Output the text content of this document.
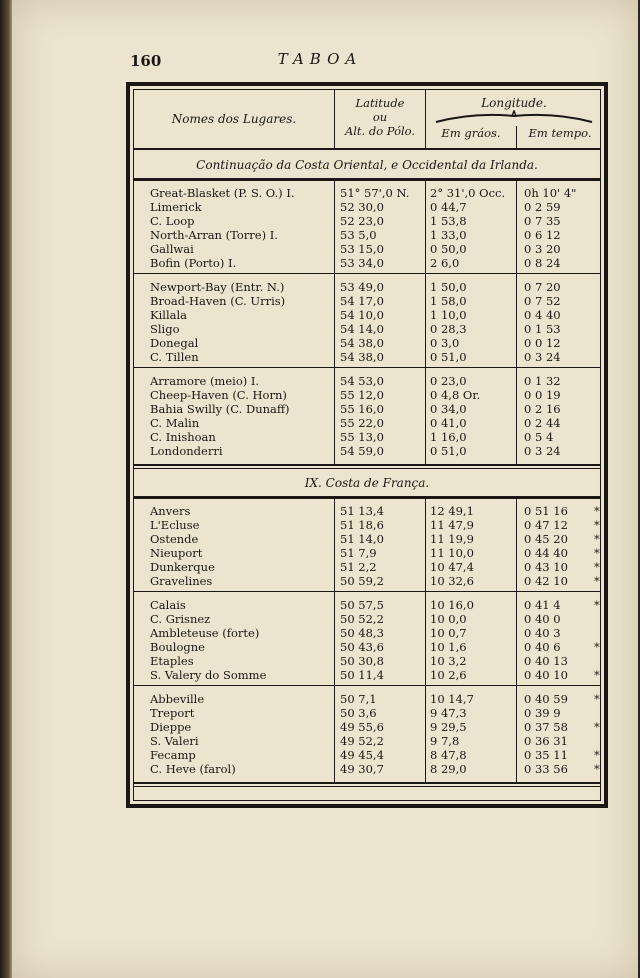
160	TABOA
Nomes dos Lugares.
Latitude
ou
Alt. do Pólo.
Longitude.
Em gráos.	Em tempo.
Continuação da Costa Oriental, e Occidental da Irlanda.
Great-Blasket (P. S. O.) I.	51° 57',0 N.	2° 31',0 Occ.	0h 10' 4"
Limerick	52 30,0	0 44,7	0 2 59
C. Loop	52 23,0	1 53,8	0 7 35
North-Arran (Torre) I.	53 5,0	1 33,0	0 6 12
Gallwai	53 15,0	0 50,0	0 3 20
Bofin (Porto) I.	53 34,0	2 6,0	0 8 24
Newport-Bay (Entr. N.)	53 49,0	1 50,0	0 7 20
Broad-Haven (C. Urris)	54 17,0	1 58,0	0 7 52
Killala	54 10,0	1 10,0	0 4 40
Sligo	54 14,0	0 28,3	0 1 53
Donegal	54 38,0	0 3,0	0 0 12
C. Tillen	54 38,0	0 51,0	0 3 24
Arramore (meio) I.	54 53,0	0 23,0	0 1 32
Cheep-Haven (C. Horn)	55 12,0	0 4,8 Or.	0 0 19
Bahia Swilly (C. Dunaff)	55 16,0	0 34,0	0 2 16
C. Malin	55 22,0	0 41,0	0 2 44
C. Inishoan	55 13,0	1 16,0	0 5 4
Londonderri	54 59,0	0 51,0	0 3 24
IX. Costa de França.
Anvers	51 13,4	12 49,1	0 51 16	*
L'Ecluse	51 18,6	11 47,9	0 47 12	*
Ostende	51 14,0	11 19,9	0 45 20	*
Nieuport	51 7,9	11 10,0	0 44 40	*
Dunkerque	51 2,2	10 47,4	0 43 10	*
Gravelines	50 59,2	10 32,6	0 42 10	*
Calais	50 57,5	10 16,0	0 41 4	*
C. Grisnez	50 52,2	10 0,0	0 40 0
Ambleteuse (forte)	50 48,3	10 0,7	0 40 3
Boulogne	50 43,6	10 1,6	0 40 6	*
Etaples	50 30,8	10 3,2	0 40 13
S. Valery do Somme	50 11,4	10 2,6	0 40 10	*
Abbeville	50 7,1	10 14,7	0 40 59	*
Treport	50 3,6	9 47,3	0 39 9
Dieppe	49 55,6	9 29,5	0 37 58	*
S. Valeri	49 52,2	9 7,8	0 36 31
Fecamp	49 45,4	8 47,8	0 35 11	*
C. Heve (farol)	49 30,7	8 29,0	0 33 56	*
